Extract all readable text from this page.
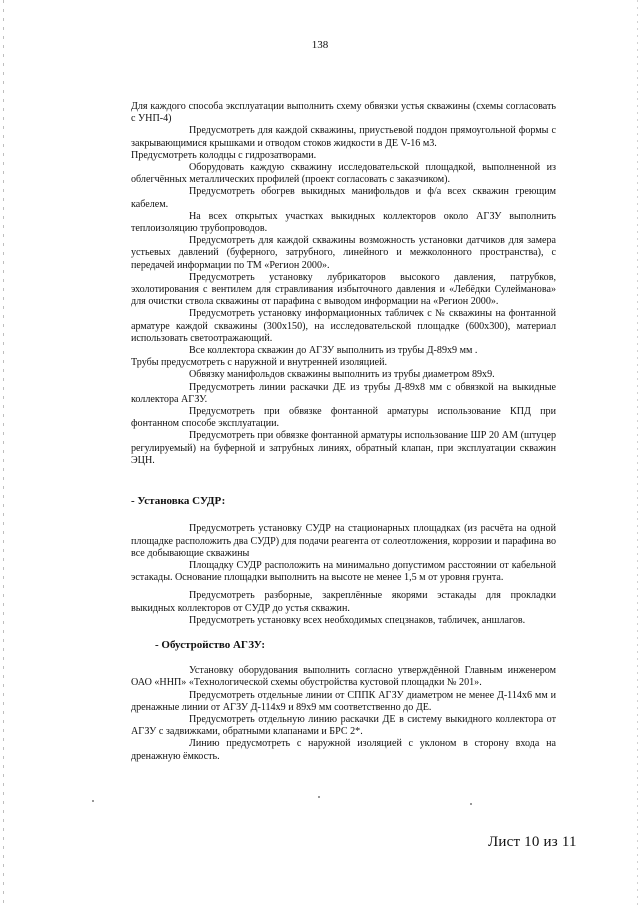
138

Для каждого способа эксплуатации выполнить схему обвязки устья скважины (схемы согласовать с УНП-4)

Предусмотреть для каждой скважины, приустьевой поддон прямоугольной формы с закрывающимися крышками и отводом стоков жидкости в ДЕ V-16 м3.

Предусмотреть колодцы с гидрозатворами.

Оборудовать каждую скважину исследовательской площадкой, выполненной из облегчённых металлических профилей (проект согласовать с заказчиком).

Предусмотреть обогрев выкидных манифольдов и ф/а всех скважин греющим кабелем.

На всех открытых участках выкидных коллекторов около АГЗУ выполнить теплоизоляцию трубопроводов.

Предусмотреть для каждой скважины возможность установки датчиков для замера устьевых давлений (буферного, затрубного, линейного и межколонного пространства), с передачей информации по ТМ «Регион 2000».

Предусмотреть установку лубрикаторов высокого давления, патрубков, эхолотирования с вентилем для стравливания избыточного давления и «Лебёдки Сулейманова» для очистки ствола скважины от парафина с выводом информации на «Регион 2000».

Предусмотреть установку информационных табличек с № скважины на фонтанной арматуре каждой скважины (300х150), на исследовательской площадке (600х300), материал использовать светоотражающий.

Все коллектора скважин до АГЗУ выполнить из трубы Д-89х9 мм .

Трубы предусмотреть с наружной и внутренней изоляцией.

Обвязку манифольдов скважины выполнить из трубы диаметром 89х9.

Предусмотреть линии раскачки ДЕ из трубы Д-89х8 мм с обвязкой на выкидные коллектора АГЗУ.

Предусмотреть при обвязке фонтанной арматуры использование КПД при фонтанном способе эксплуатации.

Предусмотреть при обвязке фонтанной арматуры использование ШР 20 АМ (штуцер регулируемый) на буферной и затрубных линиях, обратный клапан, при эксплуатации скважин ЭЦН.

- Установка СУДР:

Предусмотреть установку СУДР на стационарных площадках (из расчёта на одной площадке расположить два СУДР) для подачи реагента от солеотложения, коррозии и парафина во все добывающие скважины

Площадку СУДР расположить на минимально допустимом расстоянии от кабельной эстакады. Основание площадки выполнить на высоте не менее 1,5 м от уровня грунта.

Предусмотреть разборные, закреплённые якорями эстакады для прокладки выкидных коллекторов от СУДР до устья скважин.

Предусмотреть установку всех необходимых спецзнаков, табличек, аншлагов.

- Обустройство АГЗУ:

Установку оборудования выполнить согласно утверждённой Главным инженером ОАО «ННП» «Технологической схемы обустройства кустовой площадки № 201».

Предусмотреть отдельные линии от СППК АГЗУ диаметром не менее Д-114х6 мм и дренажные линии от АГЗУ Д-114х9 и 89х9 мм соответственно до ДЕ.

Предусмотреть отдельную линию раскачки ДЕ в систему выкидного коллектора от АГЗУ с задвижками, обратными клапанами и БРС 2*.

Линию предусмотреть с наружной изоляцией с уклоном в сторону входа на дренажную ёмкость.

Лист 10 из 11
